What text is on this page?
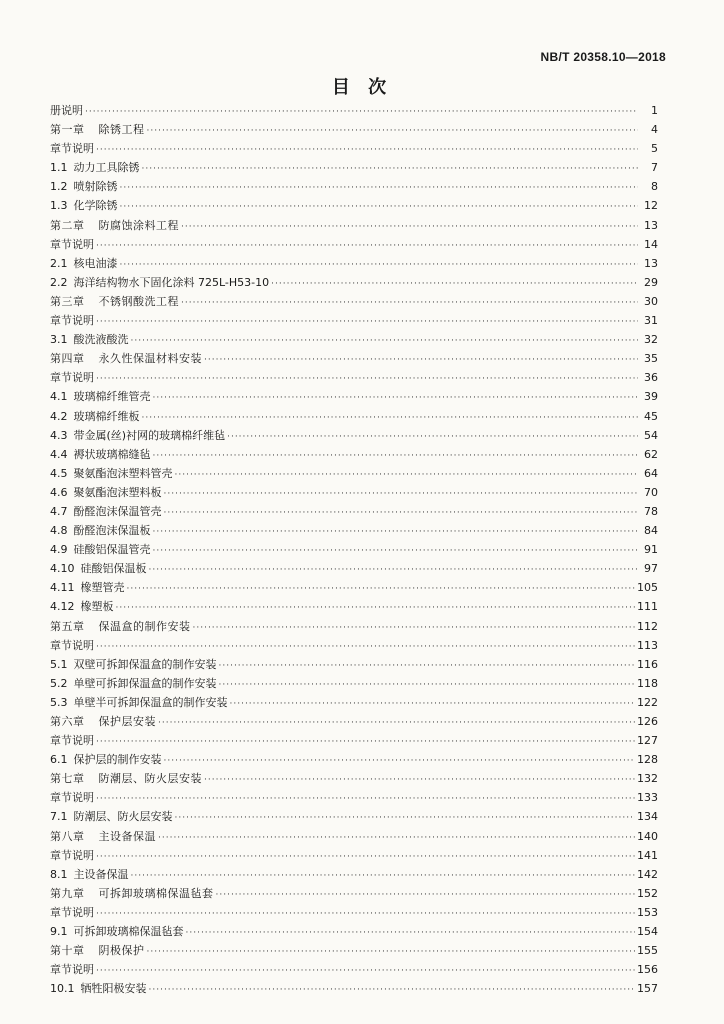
NB/T 20358.10—2018
目 次
册说明 ·····	1
第一章 除锈工程 ·····	4
章节说明 ·····	5
1.1 动力工具除锈 ·····	7
1.2 喷射除锈 ·····	8
1.3 化学除锈 ·····	12
第二章 防腐蚀涂料工程 ·····	13
章节说明 ·····	14
2.1 核电油漆 ·····	13
2.2 海洋结构物水下固化涂料 725L-H53-10 ·····	29
第三章 不锈钢酸洗工程 ·····	30
章节说明 ·····	31
3.1 酸洗液酸洗 ·····	32
第四章 永久性保温材料安装 ·····	35
章节说明 ·····	36
4.1 玻璃棉纤维管壳 ·····	39
4.2 玻璃棉纤维板 ·····	45
4.3 带金属(丝)衬网的玻璃棉纤维毡 ·····	54
4.4 褥状玻璃棉缝毡 ·····	62
4.5 聚氨酯泡沫塑料管壳 ·····	64
4.6 聚氨酯泡沫塑料板 ·····	70
4.7 酚醛泡沫保温管壳 ·····	78
4.8 酚醛泡沫保温板 ·····	84
4.9 硅酸铝保温管壳 ·····	91
4.10 硅酸铝保温板 ·····	97
4.11 橡塑管壳 ·····	105
4.12 橡塑板 ·····	111
第五章 保温盒的制作安装 ·····	112
章节说明 ·····	113
5.1 双壁可拆卸保温盒的制作安装 ·····	116
5.2 单壁可拆卸保温盒的制作安装 ·····	118
5.3 单壁半可拆卸保温盒的制作安装 ·····	122
第六章 保护层安装 ·····	126
章节说明 ·····	127
6.1 保护层的制作安装 ·····	128
第七章 防潮层、防火层安装 ·····	132
章节说明 ·····	133
7.1 防潮层、防火层安装 ·····	134
第八章 主设备保温 ·····	140
章节说明 ·····	141
8.1 主设备保温 ·····	142
第九章 可拆卸玻璃棉保温毡套 ·····	152
章节说明 ·····	153
9.1 可拆卸玻璃棉保温毡套 ·····	154
第十章 阴极保护 ·····	155
章节说明 ·····	156
10.1 牺牲阳极安装 ·····	157
